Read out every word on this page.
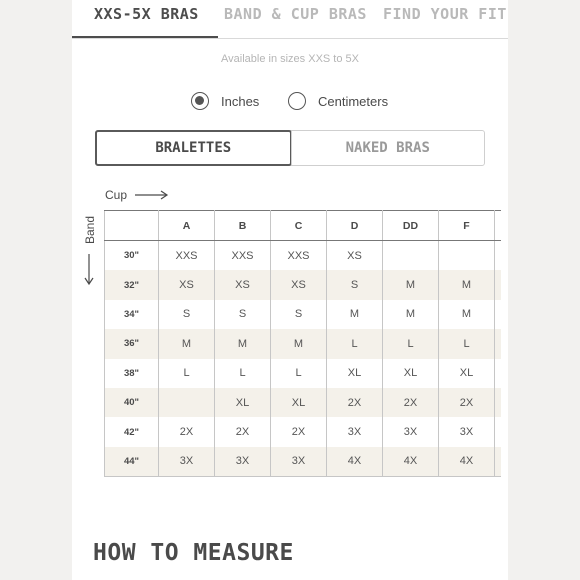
XXS-5X BRAS BAND & CUP BRAS FIND YOUR FIT
Available in sizes XXS to 5X
Inches	Centimeters
BRALETTES	NAKED BRAS
Cup
Band
		A	B	C	D	DD	F	
30"	XXS	XXS	XXS	XS			
32"	XS	XS	XS	S	M	M	
34"	S	S	S	M	M	M	
36"	M	M	M	L	L	L	
38"	L	L	L	XL	XL	XL	
40"		XL	XL	2X	2X	2X	
42"	2X	2X	2X	3X	3X	3X	
44"	3X	3X	3X	4X	4X	4X	
HOW TO MEASURE
